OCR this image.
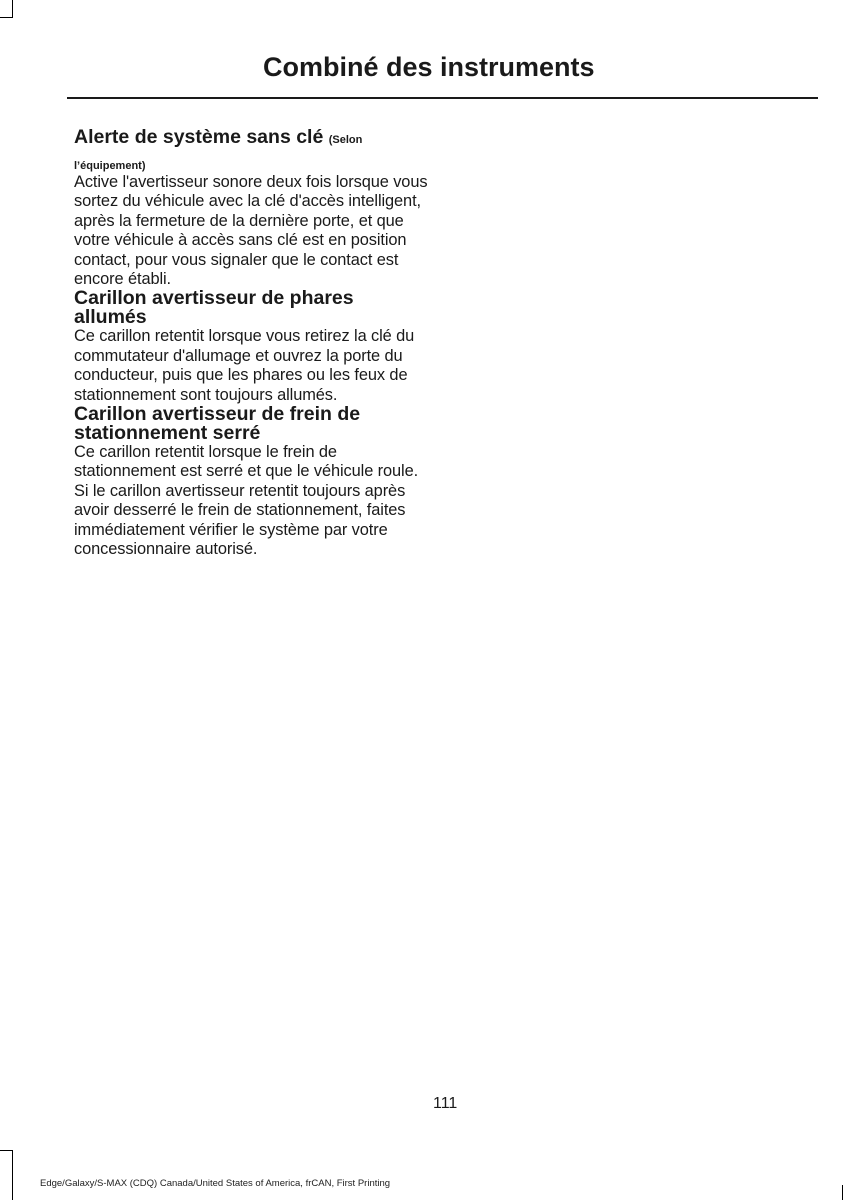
Combiné des instruments
Alerte de système sans clé (Selon
l’équipement)

Active l'avertisseur sonore deux fois lorsque vous sortez du véhicule avec la clé d'accès intelligent, après la fermeture de la dernière porte, et que votre véhicule à accès sans clé est en position contact, pour vous signaler que le contact est encore établi.

Carillon avertisseur de phares allumés

Ce carillon retentit lorsque vous retirez la clé du commutateur d'allumage et ouvrez la porte du conducteur, puis que les phares ou les feux de stationnement sont toujours allumés.

Carillon avertisseur de frein de stationnement serré

Ce carillon retentit lorsque le frein de stationnement est serré et que le véhicule roule. Si le carillon avertisseur retentit toujours après avoir desserré le frein de stationnement, faites immédiatement vérifier le système par votre concessionnaire autorisé.

111
Edge/Galaxy/S-MAX (CDQ) Canada/United States of America, frCAN, First Printing
